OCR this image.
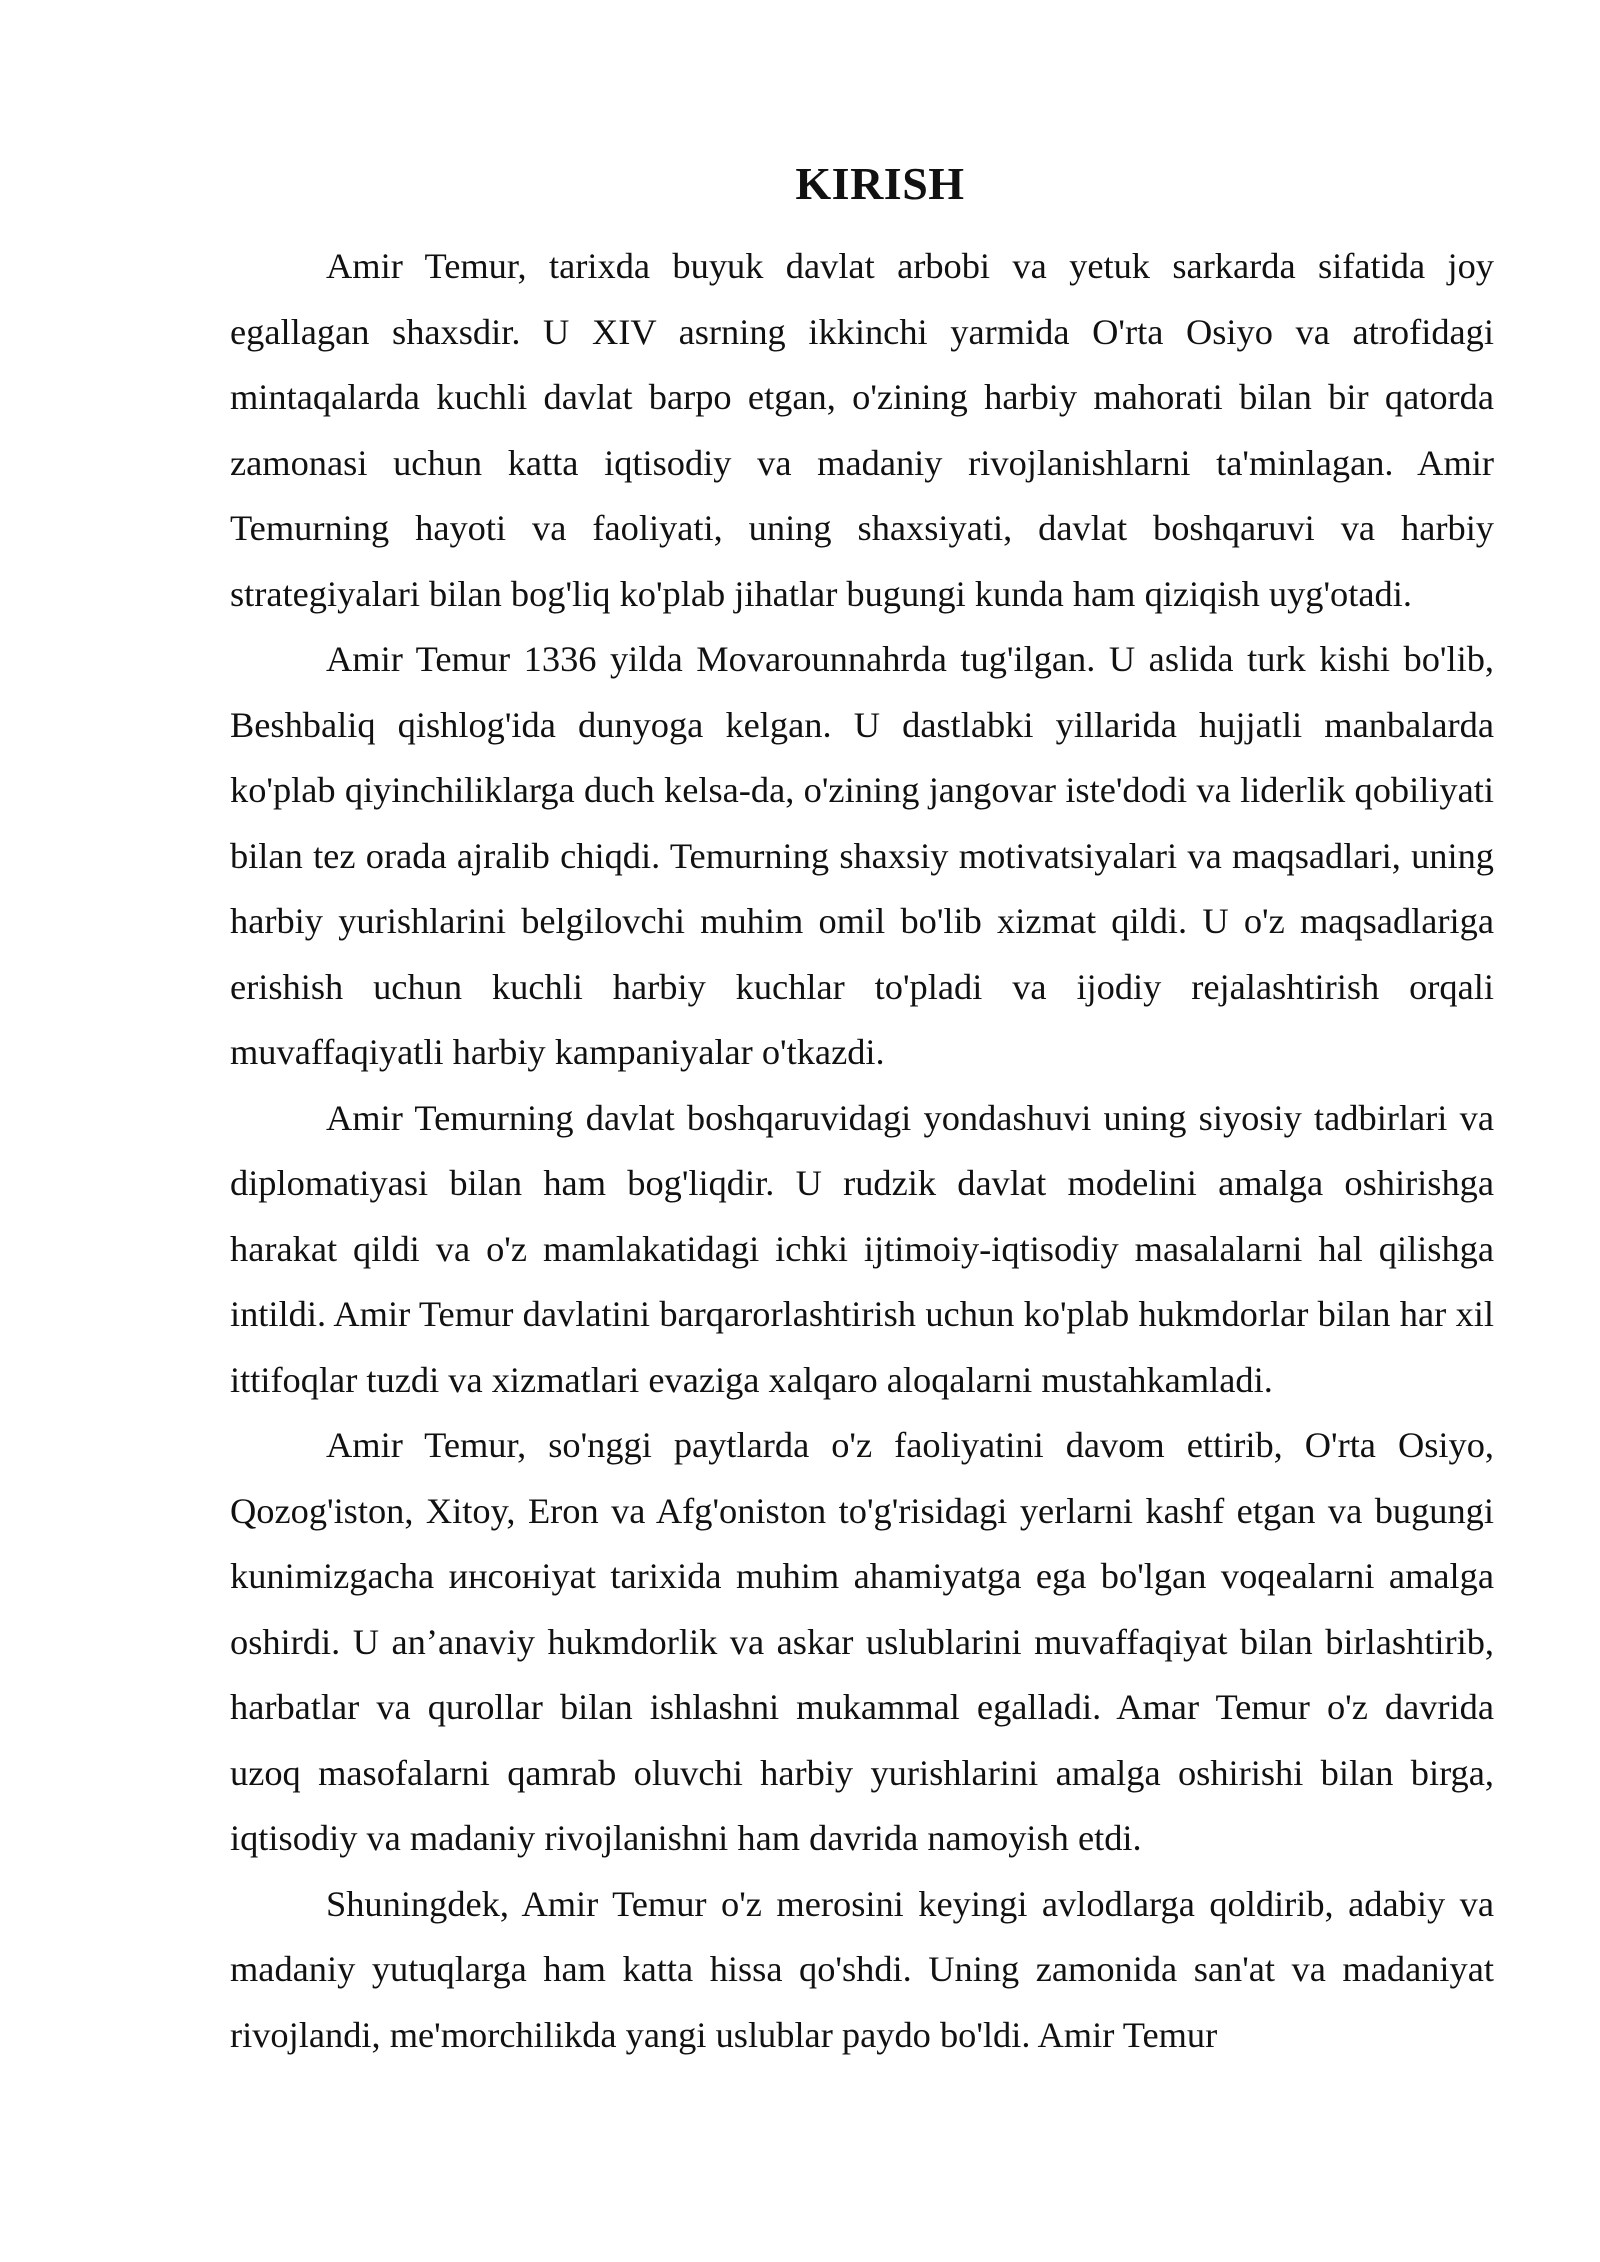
KIRISH

Amir Temur, tarixda buyuk davlat arbobi va yetuk sarkarda sifatida joy egallagan shaxsdir. U XIV asrning ikkinchi yarmida O'rta Osiyo va atrofidagi mintaqalarda kuchli davlat barpo etgan, o'zining harbiy mahorati bilan bir qatorda zamonasi uchun katta iqtisodiy va madaniy rivojlanishlarni ta'minlagan. Amir Temurning hayoti va faoliyati, uning shaxsiyati, davlat boshqaruvi va harbiy strategiyalari bilan bog'liq ko'plab jihatlar bugungi kunda ham qiziqish uyg'otadi.

Amir Temur 1336 yilda Movarounnahrda tug'ilgan. U aslida turk kishi bo'lib, Beshbaliq qishlog'ida dunyoga kelgan. U dastlabki yillarida hujjatli manbalarda ko'plab qiyinchiliklarga duch kelsa-da, o'zining jangovar iste'dodi va liderlik qobiliyati bilan tez orada ajralib chiqdi. Temurning shaxsiy motivatsiyalari va maqsadlari, uning harbiy yurishlarini belgilovchi muhim omil bo'lib xizmat qildi. U o'z maqsadlariga erishish uchun kuchli harbiy kuchlar to'pladi va ijodiy rejalashtirish orqali muvaffaqiyatli harbiy kampaniyalar o'tkazdi.

Amir Temurning davlat boshqaruvidagi yondashuvi uning siyosiy tadbirlari va diplomatiyasi bilan ham bog'liqdir. U rudzik davlat modelini amalga oshirishga harakat qildi va o'z mamlakatidagi ichki ijtimoiy-iqtisodiy masalalarni hal qilishga intildi. Amir Temur davlatini barqarorlashtirish uchun ko'plab hukmdorlar bilan har xil ittifoqlar tuzdi va xizmatlari evaziga xalqaro aloqalarni mustahkamladi.

Amir Temur, so'nggi paytlarda o'z faoliyatini davom ettirib, O'rta Osiyo, Qozog'iston, Xitoy, Eron va Afg'oniston to'g'risidagi yerlarni kashf etgan va bugungi kunimizgacha инсоніyat tarixida muhim ahamiyatga ega bo'lgan voqealarni amalga oshirdi. U an’anaviy hukmdorlik va askar uslublarini muvaffaqiyat bilan birlashtirib, harbatlar va qurollar bilan ishlashni mukammal egalladi. Amar Temur o'z davrida uzoq masofalarni qamrab oluvchi harbiy yurishlarini amalga oshirishi bilan birga, iqtisodiy va madaniy rivojlanishni ham davrida namoyish etdi.

Shuningdek, Amir Temur o'z merosini keyingi avlodlarga qoldirib, adabiy va madaniy yutuqlarga ham katta hissa qo'shdi. Uning zamonida san'at va madaniyat rivojlandi, me'morchilikda yangi uslublar paydo bo'ldi. Amir Temur
